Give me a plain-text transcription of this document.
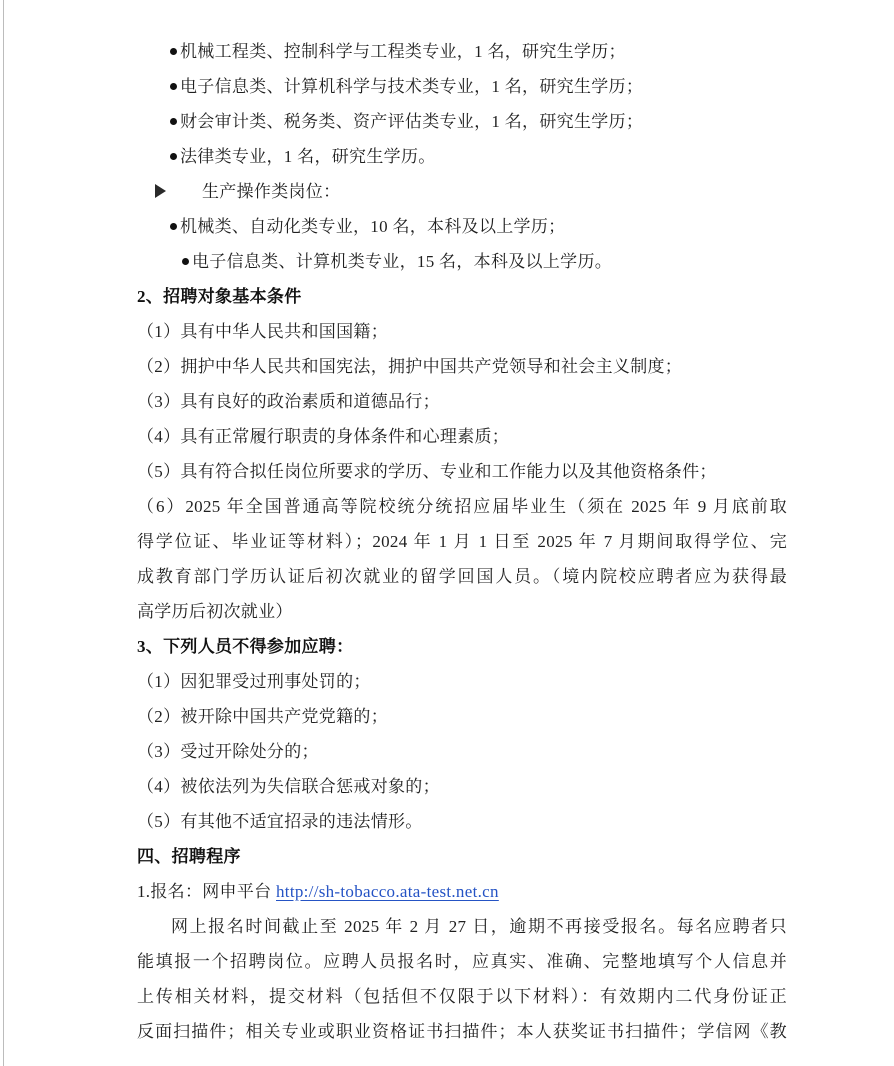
机械工程类、控制科学与工程类专业，1 名，研究生学历；
电子信息类、计算机科学与技术类专业，1 名，研究生学历；
财会审计类、税务类、资产评估类专业，1 名，研究生学历；
法律类专业，1 名，研究生学历。
生产操作类岗位：
机械类、自动化类专业，10 名，本科及以上学历；
电子信息类、计算机类专业，15 名，本科及以上学历。
2、招聘对象基本条件
（1）具有中华人民共和国国籍；
（2）拥护中华人民共和国宪法，拥护中国共产党领导和社会主义制度；
（3）具有良好的政治素质和道德品行；
（4）具有正常履行职责的身体条件和心理素质；
（5）具有符合拟任岗位所要求的学历、专业和工作能力以及其他资格条件；
（6）2025 年全国普通高等院校统分统招应届毕业生（须在 2025 年 9 月底前取
得学位证、毕业证等材料）；2024 年 1 月 1 日至 2025 年 7 月期间取得学位、完
成教育部门学历认证后初次就业的留学回国人员。（境内院校应聘者应为获得最
高学历后初次就业）
3、下列人员不得参加应聘：
（1）因犯罪受过刑事处罚的；
（2）被开除中国共产党党籍的；
（3）受过开除处分的；
（4）被依法列为失信联合惩戒对象的；
（5）有其他不适宜招录的违法情形。
四、招聘程序
1.报名：网申平台 http://sh-tobacco.ata-test.net.cn
网上报名时间截止至 2025 年 2 月 27 日，逾期不再接受报名。每名应聘者只
能填报一个招聘岗位。应聘人员报名时，应真实、准确、完整地填写个人信息并
上传相关材料，提交材料（包括但不仅限于以下材料）：有效期内二代身份证正
反面扫描件；相关专业或职业资格证书扫描件；本人获奖证书扫描件；学信网《教
